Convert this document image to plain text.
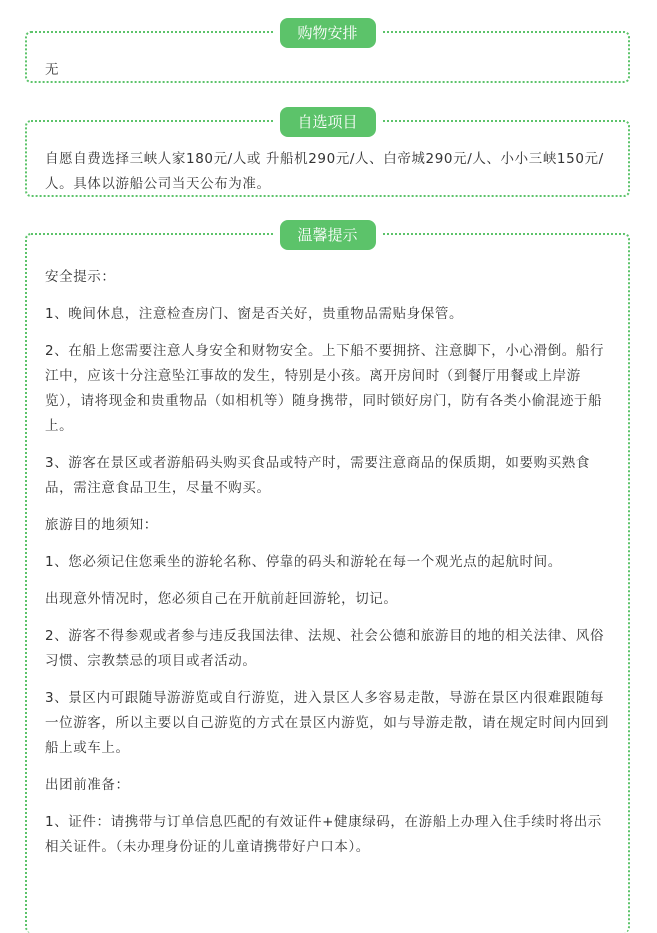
购物安排
无
自选项目
自愿自费选择三峡人家180元/人或 升船机290元/人、白帝城290元/人、小小三峡150元/人。具体以游船公司当天公布为准。
温馨提示
安全提示：
1、晚间休息，注意检查房门、窗是否关好，贵重物品需贴身保管。
2、在船上您需要注意人身安全和财物安全。上下船不要拥挤、注意脚下，小心滑倒。船行江中，应该十分注意坠江事故的发生，特别是小孩。离开房间时（到餐厅用餐或上岸游览），请将现金和贵重物品（如相机等）随身携带，同时锁好房门，防有各类小偷混迹于船上。
3、游客在景区或者游船码头购买食品或特产时，需要注意商品的保质期，如要购买熟食品，需注意食品卫生，尽量不购买。
旅游目的地须知：
1、您必须记住您乘坐的游轮名称、停靠的码头和游轮在每一个观光点的起航时间。
出现意外情况时，您必须自己在开航前赶回游轮，切记。
2、游客不得参观或者参与违反我国法律、法规、社会公德和旅游目的地的相关法律、风俗习惯、宗教禁忌的项目或者活动。
3、景区内可跟随导游游览或自行游览，进入景区人多容易走散，导游在景区内很难跟随每一位游客，所以主要以自己游览的方式在景区内游览，如与导游走散，请在规定时间内回到船上或车上。
出团前准备：
1、证件：请携带与订单信息匹配的有效证件+健康绿码，在游船上办理入住手续时将出示相关证件。（未办理身份证的儿童请携带好户口本）。
